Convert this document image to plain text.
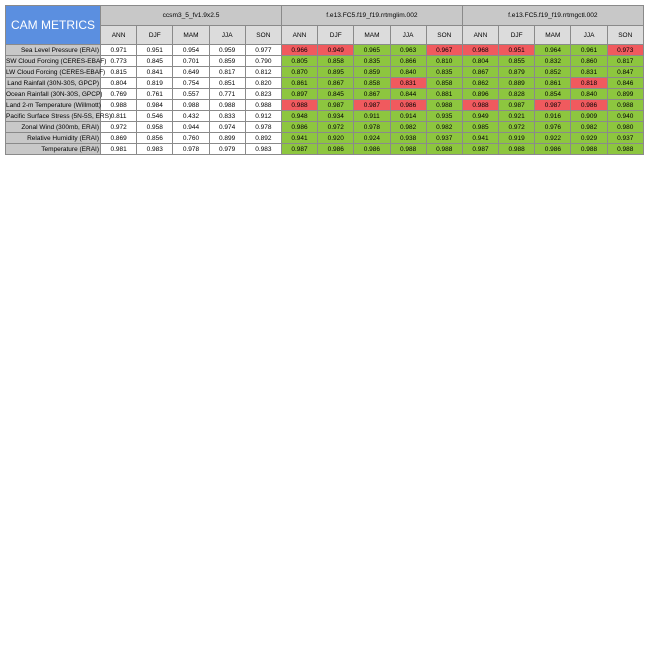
CAM METRICS	ccsm3_5_fv1.9x2.5					f.e13.FC5.f19_f19.rrtmglim.002					f.e13.FC5.f19_f19.rrtmgctl.002				
	ANN	DJF	MAM	JJA	SON	ANN	DJF	MAM	JJA	SON	ANN	DJF	MAM	JJA	SON
Sea Level Pressure (ERAI)	0.971	0.951	0.954	0.959	0.977	0.966	0.949	0.965	0.963	0.967	0.968	0.951	0.964	0.961	0.973
SW Cloud Forcing (CERES-EBAF)	0.773	0.845	0.701	0.859	0.790	0.805	0.858	0.835	0.866	0.810	0.804	0.855	0.832	0.860	0.817
LW Cloud Forcing (CERES-EBAF)	0.815	0.841	0.649	0.817	0.812	0.870	0.895	0.859	0.840	0.835	0.867	0.879	0.852	0.831	0.847
Land Rainfall (30N-30S, GPCP)	0.804	0.819	0.754	0.851	0.820	0.861	0.867	0.858	0.831	0.858	0.862	0.889	0.861	0.818	0.846
Ocean Rainfall (30N-30S, GPCP)	0.769	0.761	0.557	0.771	0.823	0.897	0.845	0.867	0.844	0.881	0.896	0.828	0.854	0.840	0.899
Land 2-m Temperature (Willmott)	0.988	0.984	0.988	0.988	0.988	0.988	0.987	0.987	0.986	0.988	0.988	0.987	0.987	0.986	0.988
Pacific Surface Stress (5N-5S, ERS)	0.811	0.546	0.432	0.833	0.912	0.948	0.934	0.911	0.914	0.935	0.949	0.921	0.916	0.909	0.940
Zonal Wind (300mb, ERAI)	0.972	0.958	0.944	0.974	0.978	0.986	0.972	0.978	0.982	0.982	0.985	0.972	0.976	0.982	0.980
Relative Humidity (ERAI)	0.869	0.856	0.760	0.899	0.892	0.941	0.920	0.924	0.938	0.937	0.941	0.919	0.922	0.929	0.937
Temperature (ERAI)	0.981	0.983	0.978	0.979	0.983	0.987	0.986	0.986	0.988	0.988	0.987	0.988	0.986	0.988	0.988
